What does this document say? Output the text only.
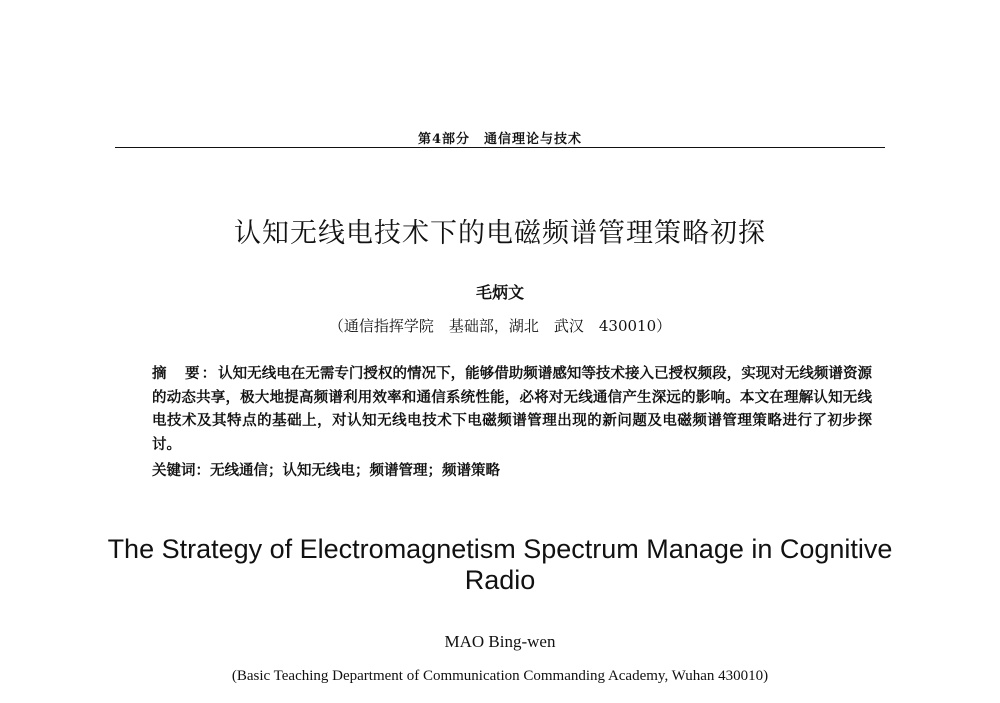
第4部分　通信理论与技术
认知无线电技术下的电磁频谱管理策略初探
毛炳文
（通信指挥学院　基础部，湖北　武汉　430010）
摘　要：认知无线电在无需专门授权的情况下，能够借助频谱感知等技术接入已授权频段，实现对无线频谱资源的动态共享，极大地提高频谱利用效率和通信系统性能，必将对无线通信产生深远的影响。本文在理解认知无线电技术及其特点的基础上，对认知无线电技术下电磁频谱管理出现的新问题及电磁频谱管理策略进行了初步探讨。
关键词：无线通信；认知无线电；频谱管理；频谱策略
The Strategy of Electromagnetism Spectrum Manage in Cognitive Radio
MAO Bing-wen
(Basic Teaching Department of Communication Commanding Academy, Wuhan 430010)
